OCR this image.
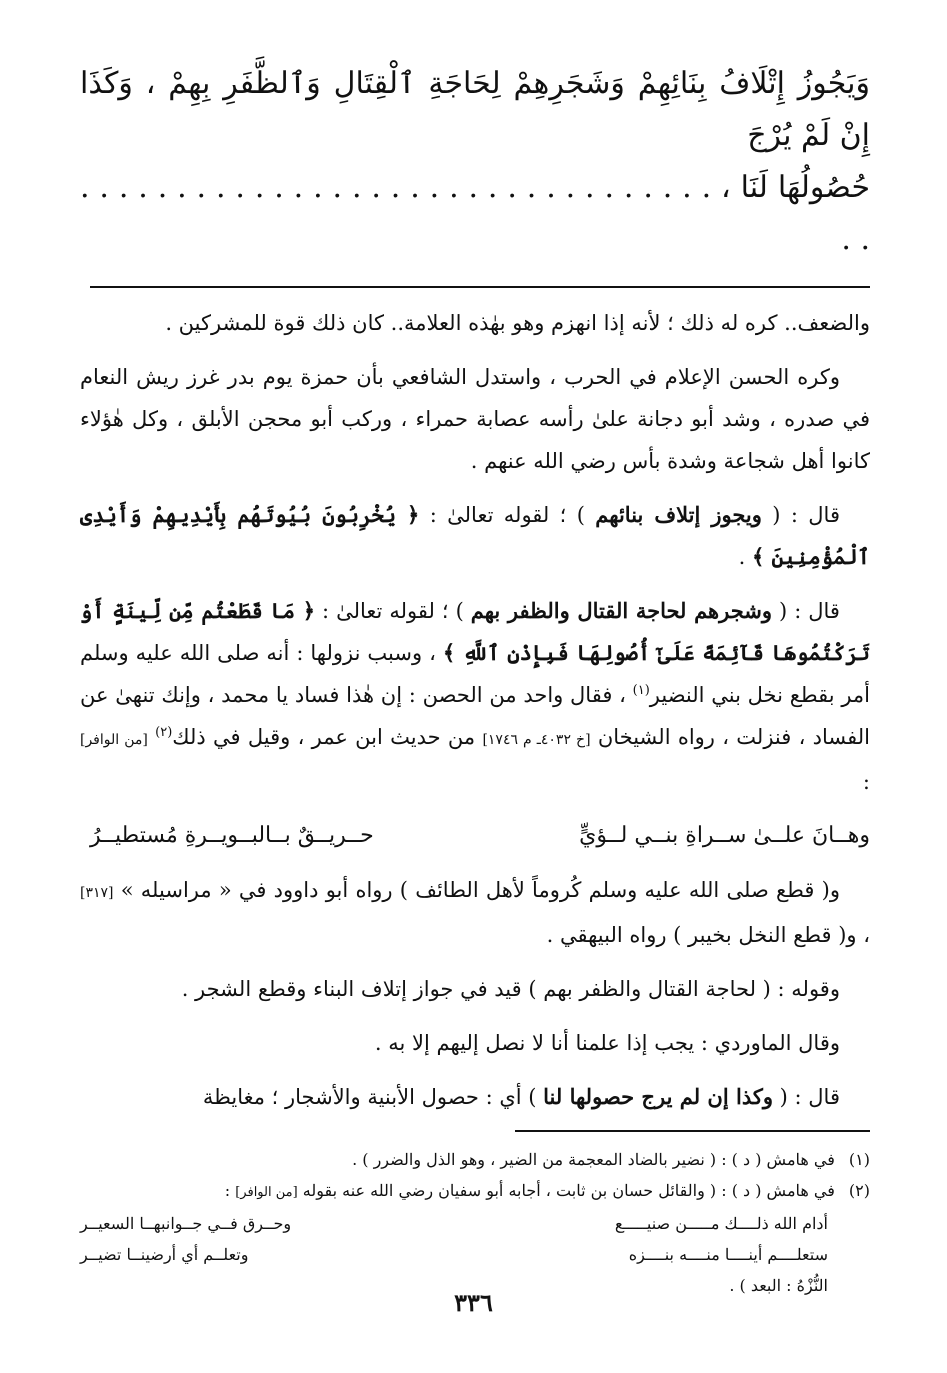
وَيَجُوزُ إِتْلَافُ بِنَائِهِمْ وَشَجَرِهِمْ لِحَاجَةِ ٱلْقِتَالِ وَٱلظَّفَرِ بِهِمْ ، وَكَذَا إِنْ لَمْ يُرْجَ
حُصُولُهَا لَنَا ، . . . . . . . . . . . . . . . . . . . . . . . . . . . . . . . . . . .

والضعف.. كره له ذلك ؛ لأنه إذا انهزم وهو بهٰذه العلامة.. كان ذلك قوة للمشركين .

وكره الحسن الإعلام في الحرب ، واستدل الشافعي بأن حمزة يوم بدر غرز ريش النعام في صدره ، وشد أبو دجانة علىٰ رأسه عصابة حمراء ، وركب أبو محجن الأبلق ، وكل هٰؤلاء كانوا أهل شجاعة وشدة بأس رضي الله عنهم .

قال : ( ويجوز إتلاف بنائهم ) ؛ لقوله تعالىٰ : ﴿ يُخْرِبُونَ بُيُوتَهُم بِأَيْدِيهِمْ وَأَيْدِى ٱلْمُؤْمِنِينَ ﴾ .

قال : ( وشجرهم لحاجة القتال والظفر بهم ) ؛ لقوله تعالىٰ : ﴿ مَا قَطَعْتُم مِّن لِّينَةٍ أَوْ تَرَكْتُمُوهَا قَآئِمَةً عَلَىٰٓ أُصُولِهَا فَبِإِذْنِ ٱللَّهِ ﴾ ، وسبب نزولها : أنه صلى الله عليه وسلم أمر بقطع نخل بني النضير$^{(١)}$ ، فقال واحد من الحصن : إن هٰذا فساد يا محمد ، وإنك تنهىٰ عن الفساد ، فنزلت ، رواه الشيخان [خ ٤٠٣٢ـ م ١٧٤٦] من حديث ابن عمر ، وقيل في ذلك$^{(٢)}$ [من الوافر] :

وهــانَ علــىٰ ســراةِ بنــي لــؤيٍّ
حــريــقٌ بــالبــويــرةِ مُستطيــرُ

و( قطع صلى الله عليه وسلم كُروماً لأهل الطائف ) رواه أبو داوود في « مراسيله » [٣١٧] ، و( قطع النخل بخيبر ) رواه البيهقي .

وقوله : ( لحاجة القتال والظفر بهم ) قيد في جواز إتلاف البناء وقطع الشجر .

وقال الماوردي : يجب إذا علمنا أنا لا نصل إليهم إلا به .

قال : ( وكذا إن لم يرج حصولها لنا ) أي : حصول الأبنية والأشجار ؛ مغايظة

(١)
في هامش ( د ) : ( نضير بالضاد المعجمة من الضير ، وهو الذل والضرر ) .
(٢)
في هامش ( د ) : ( والقائل حسان بن ثابت ، أجابه أبو سفيان رضي الله عنه بقوله [من الوافر] :
أدام الله ذلــــك مـــــن صنيـــــع
وحــرق فــي جــوانبهــا السعيــر
ستعلــــم أينــــا منــــه بنــــزه
وتعلــم أي أرضينــا تضيــر
النُّزْهُ : البعد ) .
٣٣٦
